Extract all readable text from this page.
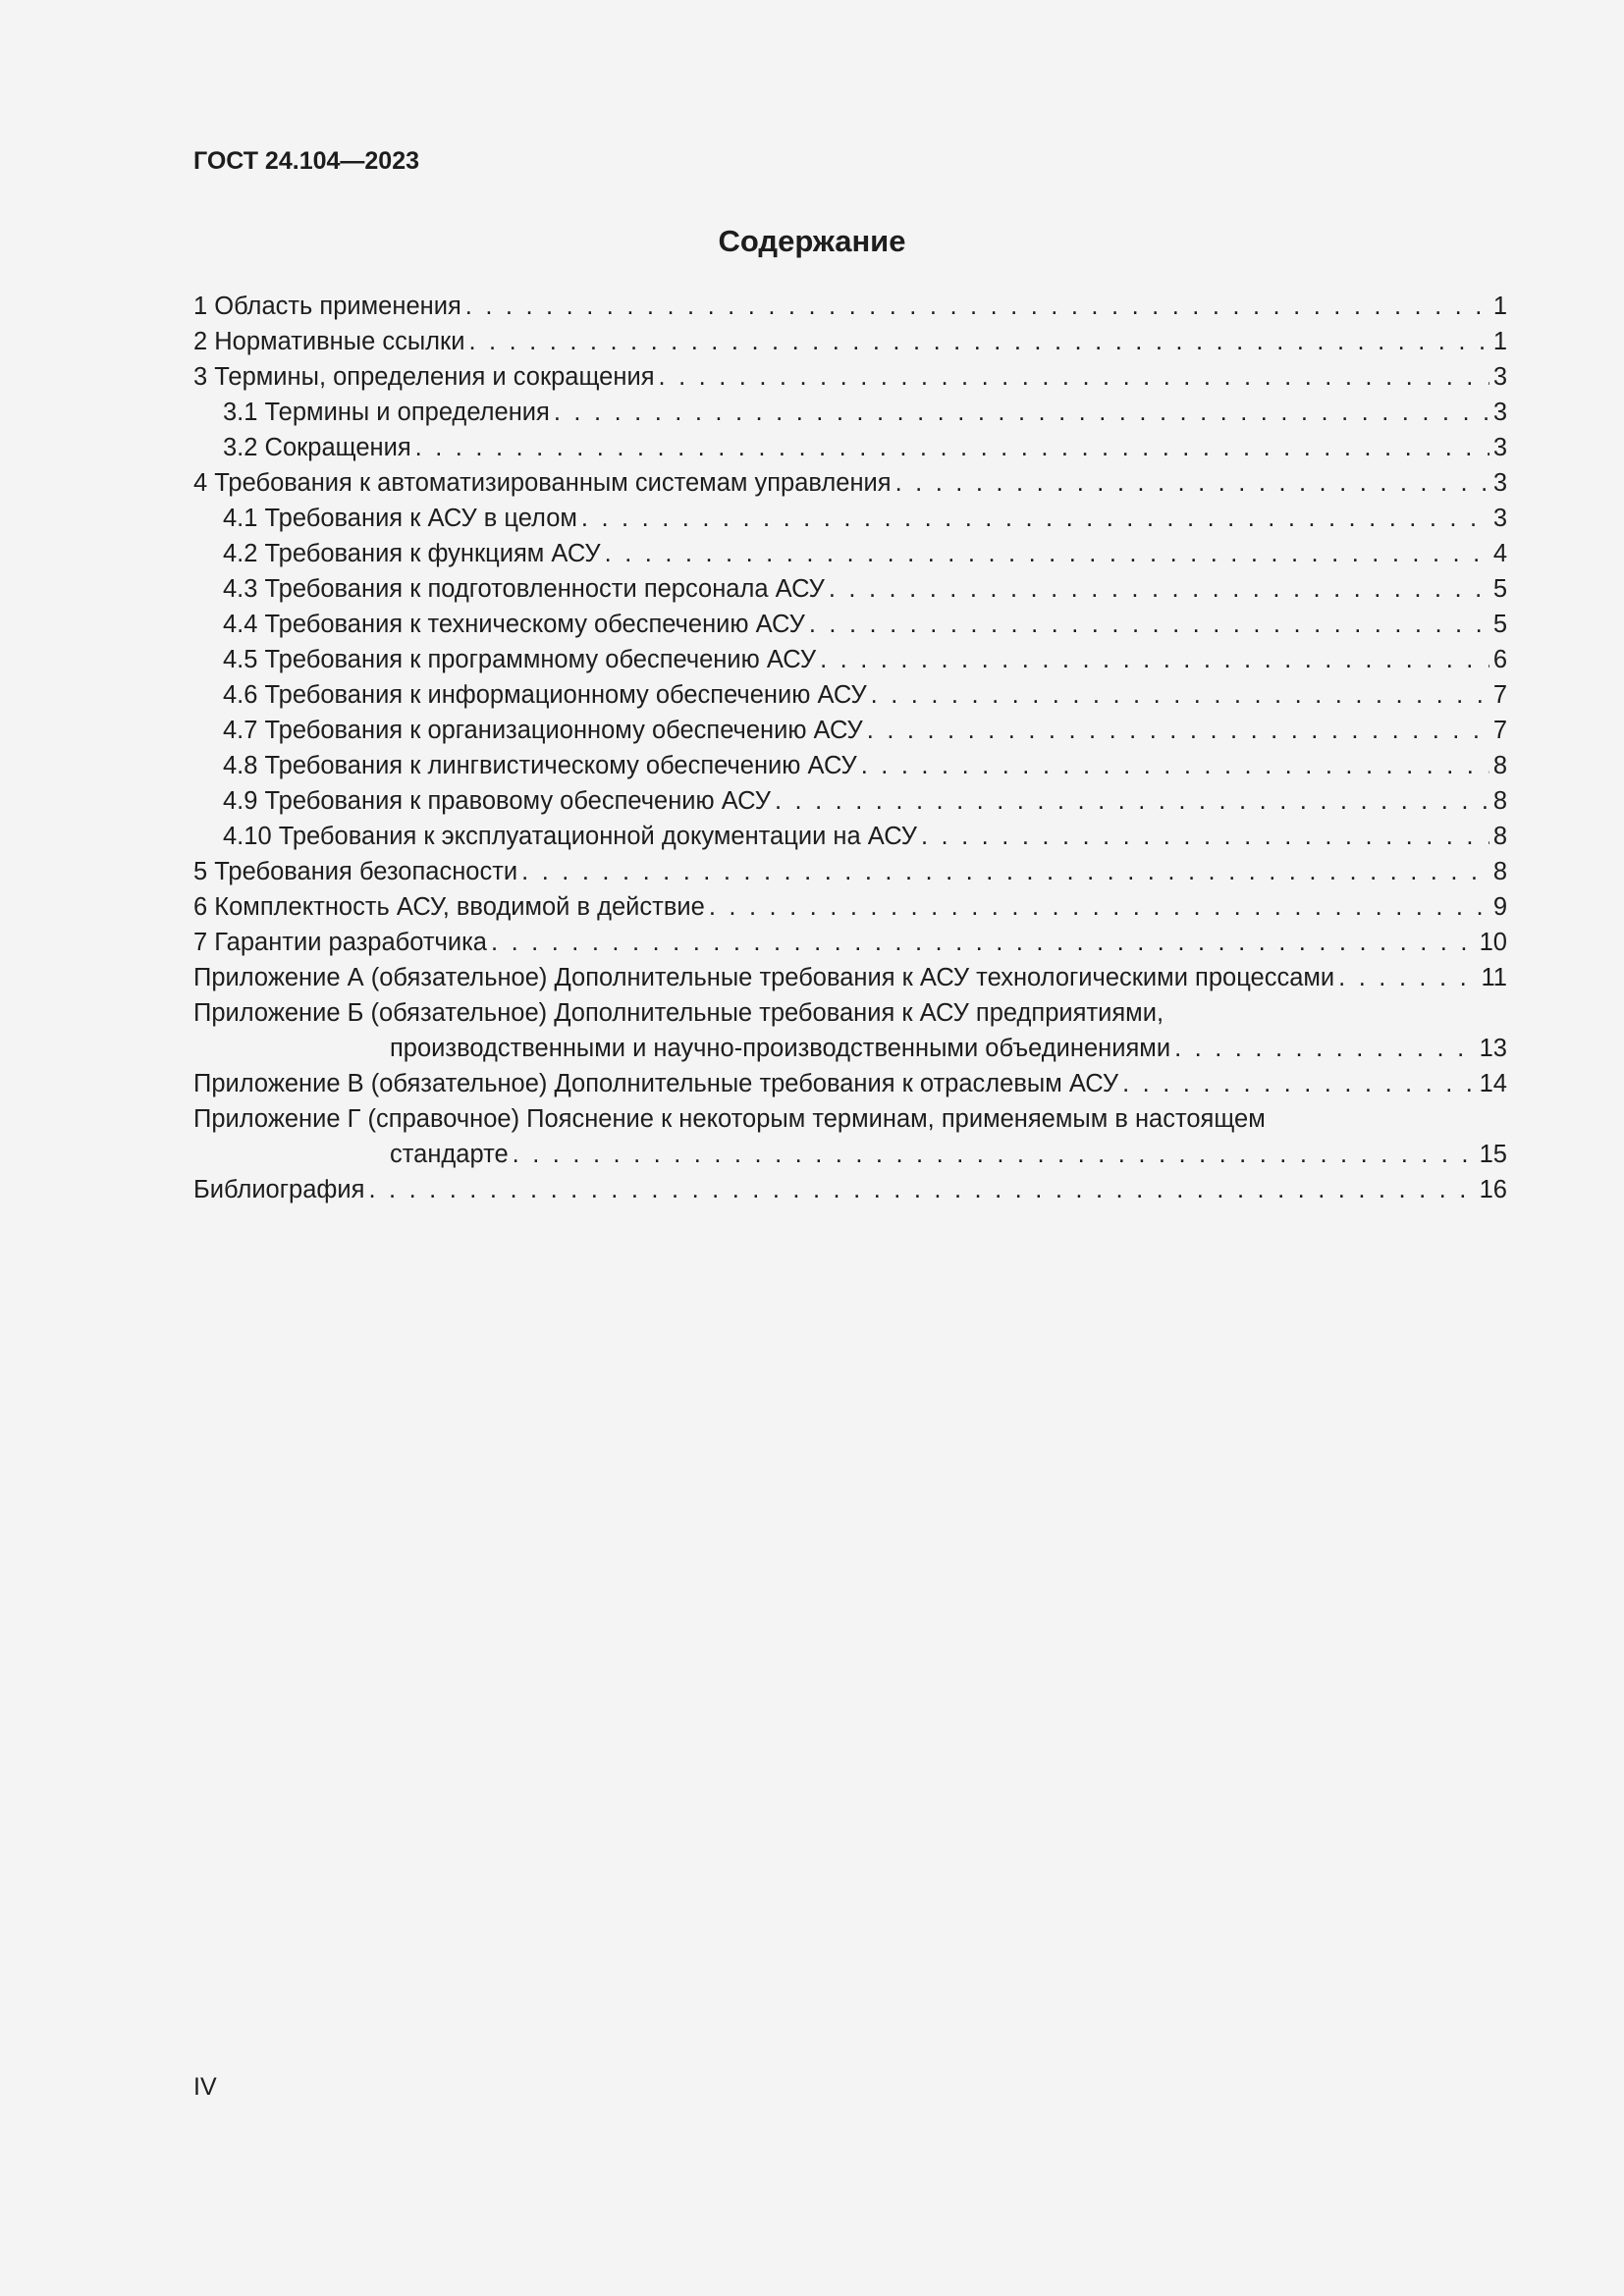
ГОСТ 24.104—2023

Содержание
1 Область применения . . .	1
2 Нормативные ссылки . . .	1
3 Термины, определения и сокращения . . .	3
3.1 Термины и определения . . .	3
3.2 Сокращения . . .	3
4 Требования к автоматизированным системам управления . . .	3
4.1 Требования к АСУ в целом . . .	3
4.2 Требования к функциям АСУ . . .	4
4.3 Требования к подготовленности персонала АСУ . . .	5
4.4 Требования к техническому обеспечению АСУ . . .	5
4.5 Требования к программному обеспечению АСУ . . .	6
4.6 Требования к информационному обеспечению АСУ . . .	7
4.7 Требования к организационному обеспечению АСУ . . .	7
4.8 Требования к лингвистическому обеспечению АСУ . . .	8
4.9 Требования к правовому обеспечению АСУ . . .	8
4.10 Требования к эксплуатационной документации на АСУ . . .	8
5 Требования безопасности . . .	8
6 Комплектность АСУ, вводимой в действие . . .	9
7 Гарантии разработчика . . .	10
Приложение А (обязательное) Дополнительные требования к АСУ технологическими процессами . . .	11
Приложение Б (обязательное) Дополнительные требования к АСУ предприятиями,
производственными и научно-производственными объединениями . . .	13
Приложение В (обязательное) Дополнительные требования к отраслевым АСУ . . .	14
Приложение Г (справочное) Пояснение к некоторым терминам, применяемым в настоящем
стандарте . . .	15
Библиография . . .	16

IV
